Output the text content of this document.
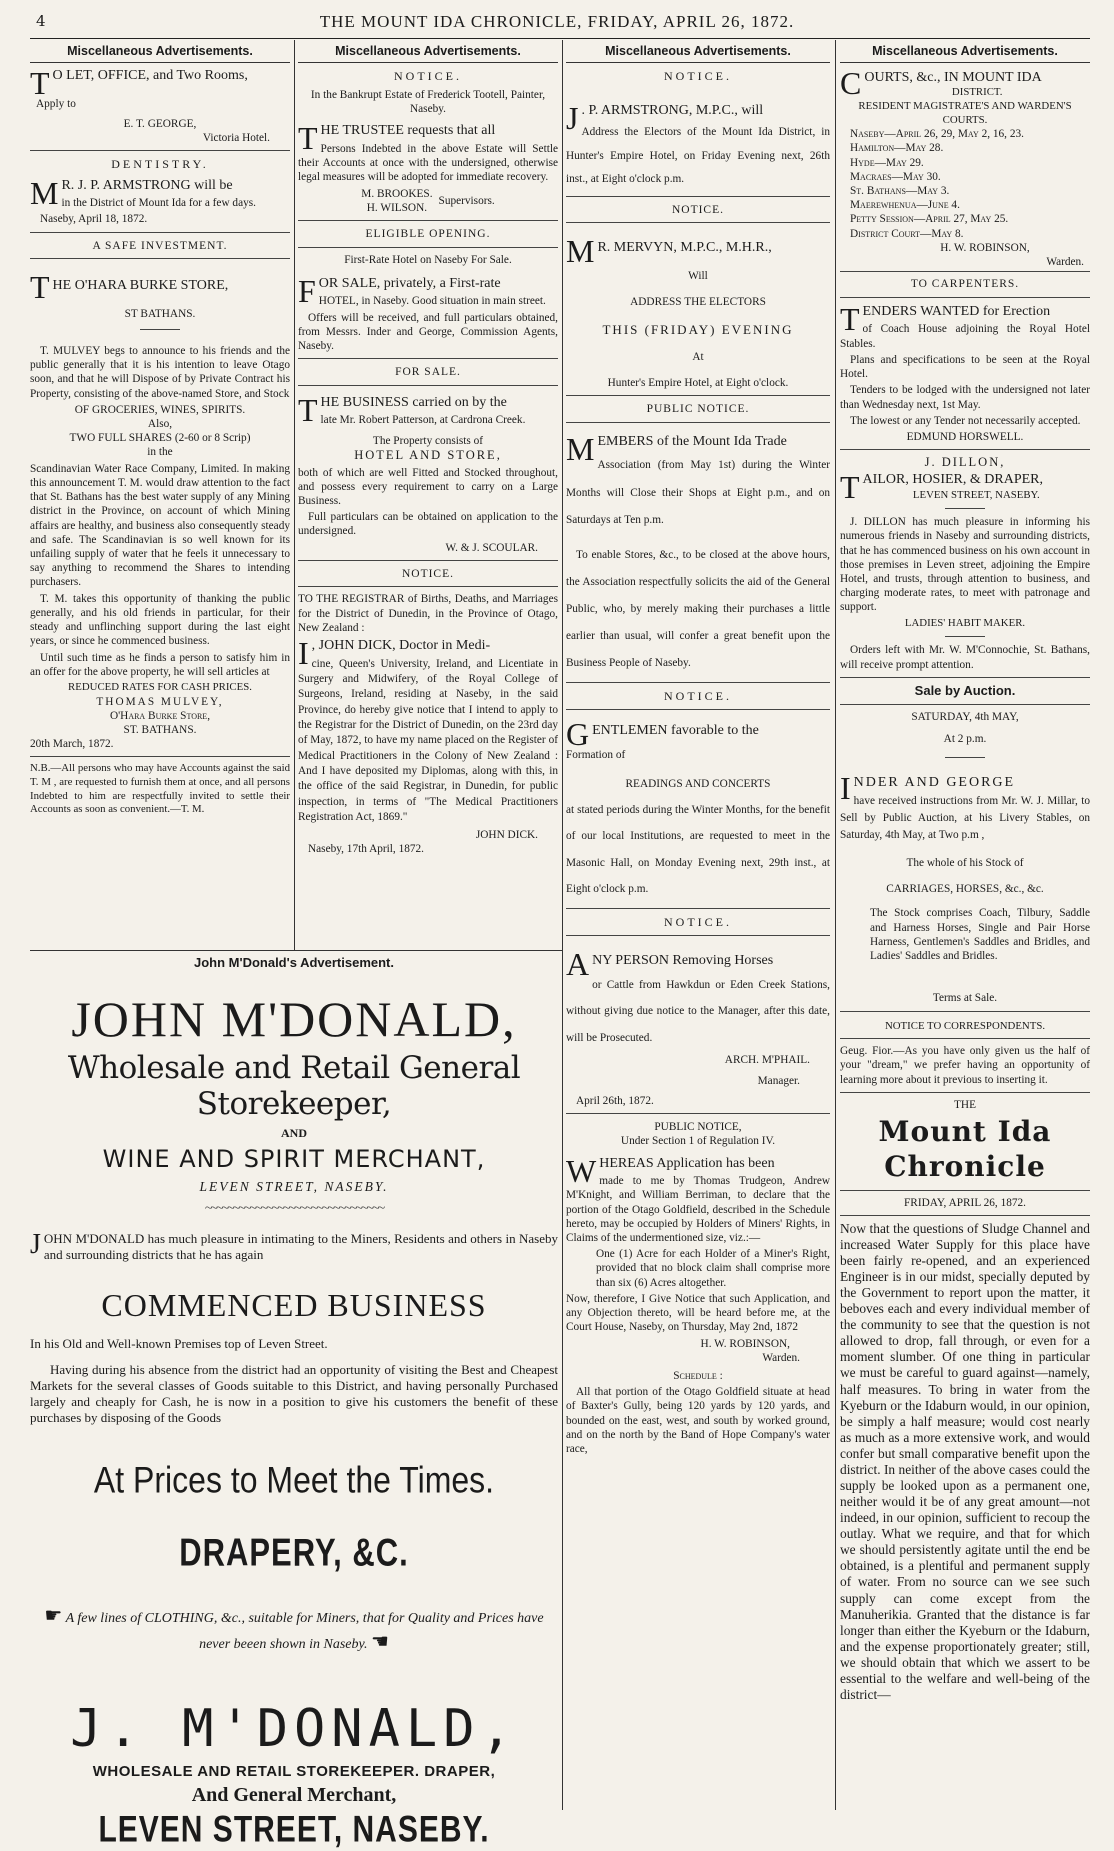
4	THE MOUNT IDA CHRONICLE, FRIDAY, APRIL 26, 1872.
Miscellaneous Advertisements.
T O LET, OFFICE, and Two Rooms,
Apply to
E. T. GEORGE,
Victoria Hotel.
DENTISTRY.
M R. J. P. ARMSTRONG will be
in the District of Mount Ida for a few days.
Naseby, April 18, 1872.
A SAFE INVESTMENT.
T HE O'HARA BURKE STORE,
ST BATHANS.
T. MULVEY begs to announce to his friends and the public generally that it is his intention to leave Otago soon, and that he will Dispose of by Private Contract his Property, consisting of the above-named Store, and Stock
OF GROCERIES, WINES, SPIRITS.
Also,
TWO FULL SHARES (2-60 or 8 Scrip)
in the
Scandinavian Water Race Company, Limited. In making this announcement T. M. would draw attention to the fact that St. Bathans has the best water supply of any Mining district in the Province, on account of which Mining affairs are healthy, and business also consequently steady and safe. The Scandinavian is so well known for its unfailing supply of water that he feels it unnecessary to say anything to recommend the Shares to intending purchasers.
T. M. takes this opportunity of thanking the public generally, and his old friends in particular, for their steady and unflinching support during the last eight years, or since he commenced business.
Until such time as he finds a person to satisfy him in an offer for the above property, he will sell articles at
REDUCED RATES FOR CASH PRICES.
THOMAS MULVEY,
O'Hara Burke Store,
ST. BATHANS.
20th March, 1872.
N.B.—All persons who may have Accounts against the said T. M , are requested to furnish them at once, and all persons Indebted to him are respectfully invited to settle their Accounts as soon as convenient.—T. M.
Miscellaneous Advertisements.
NOTICE.
In the Bankrupt Estate of Frederick Tootell, Painter, Naseby.
T HE TRUSTEE requests that all
Persons Indebted in the above Estate will Settle their Accounts at once with the undersigned, otherwise legal measures will be adopted for immediate recovery.
M. BROOKES.
H. WILSON.
Supervisors.
ELIGIBLE OPENING.
First-Rate Hotel on Naseby For Sale.
F OR SALE, privately, a First-rate
HOTEL, in Naseby. Good situation in main street.
Offers will be received, and full particulars obtained, from Messrs. Inder and George, Commission Agents, Naseby.
FOR SALE.
T HE BUSINESS carried on by the
late Mr. Robert Patterson, at Cardrona Creek.
The Property consists of
HOTEL AND STORE,
both of which are well Fitted and Stocked throughout, and possess every requirement to carry on a Large Business.
Full particulars can be obtained on application to the undersigned.
W. & J. SCOULAR.
NOTICE.
TO THE REGISTRAR of Births, Deaths, and Marriages for the District of Dunedin, in the Province of Otago, New Zealand :
I , JOHN DICK, Doctor in Medi-
cine, Queen's University, Ireland, and Licentiate in Surgery and Midwifery, of the Royal College of Surgeons, Ireland, residing at Naseby, in the said Province, do hereby give notice that I intend to apply to the Registrar for the District of Dunedin, on the 23rd day of May, 1872, to have my name placed on the Register of Medical Practitioners in the Colony of New Zealand : And I have deposited my Diplomas, along with this, in the office of the said Registrar, in Dunedin, for public inspection, in terms of "The Medical Practitioners Registration Act, 1869."
JOHN DICK.
Naseby, 17th April, 1872.
Miscellaneous Advertisements.
NOTICE.
J . P. ARMSTRONG, M.P.C., will
Address the Electors of the Mount Ida District, in Hunter's Empire Hotel, on Friday Evening next, 26th inst., at Eight o'clock p.m.
NOTICE.
M R. MERVYN, M.P.C., M.H.R.,
Will
ADDRESS THE ELECTORS
THIS (FRIDAY) EVENING
At
Hunter's Empire Hotel, at Eight o'clock.
PUBLIC NOTICE.
M EMBERS of the Mount Ida Trade
Association (from May 1st) during the Winter Months will Close their Shops at Eight p.m., and on Saturdays at Ten p.m.
To enable Stores, &c., to be closed at the above hours, the Association respectfully solicits the aid of the General Public, who, by merely making their purchases a little earlier than usual, will confer a great benefit upon the Business People of Naseby.
NOTICE.
G ENTLEMEN favorable to the
Formation of
READINGS AND CONCERTS
at stated periods during the Winter Months, for the benefit of our local Institutions, are requested to meet in the Masonic Hall, on Monday Evening next, 29th inst., at Eight o'clock p.m.
NOTICE.
A NY PERSON Removing Horses
or Cattle from Hawkdun or Eden Creek Stations, without giving due notice to the Manager, after this date, will be Prosecuted.
ARCH. M'PHAIL.
Manager.
April 26th, 1872.
PUBLIC NOTICE,
Under Section 1 of Regulation IV.
W HEREAS Application has been
made to me by Thomas Trudgeon, Andrew M'Knight, and William Berriman, to declare that the portion of the Otago Goldfield, described in the Schedule hereto, may be occupied by Holders of Miners' Rights, in Claims of the undermentioned size, viz.:—
One (1) Acre for each Holder of a Miner's Right, provided that no block claim shall comprise more than six (6) Acres altogether.
Now, therefore, I Give Notice that such Application, and any Objection thereto, will be heard before me, at the Court House, Naseby, on Thursday, May 2nd, 1872
H. W. ROBINSON,
Warden.
Schedule :
All that portion of the Otago Goldfield situate at head of Baxter's Gully, being 120 yards by 120 yards, and bounded on the east, west, and south by worked ground, and on the north by the Band of Hope Company's water race,
Miscellaneous Advertisements.
C OURTS, &c., IN MOUNT IDA
DISTRICT.
RESIDENT MAGISTRATE'S AND WARDEN'S COURTS.
Naseby—April 26, 29, May 2, 16, 23.
Hamilton—May 28.
Hyde—May 29.
Macraes—May 30.
St. Bathans—May 3.
Maerewhenua—June 4.
Petty Session—April 27, May 25.
District Court—May 8.
H. W. ROBINSON,
Warden.
TO CARPENTERS.
T ENDERS WANTED for Erection
of Coach House adjoining the Royal Hotel Stables.
Plans and specifications to be seen at the Royal Hotel.
Tenders to be lodged with the undersigned not later than Wednesday next, 1st May.
The lowest or any Tender not necessarily accepted.
EDMUND HORSWELL.
J. DILLON,
T AILOR, HOSIER, & DRAPER,
LEVEN STREET, NASEBY.
J. DILLON has much pleasure in informing his numerous friends in Naseby and surrounding districts, that he has commenced business on his own account in those premises in Leven street, adjoining the Empire Hotel, and trusts, through attention to business, and charging moderate rates, to meet with patronage and support.
LADIES' HABIT MAKER.
Orders left with Mr. W. M'Connochie, St. Bathans, will receive prompt attention.
Sale by Auction.
SATURDAY, 4th MAY,
At 2 p.m.
I NDER AND GEORGE
have received instructions from Mr. W. J. Millar, to Sell by Public Auction, at his Livery Stables, on Saturday, 4th May, at Two p.m ,
The whole of his Stock of
CARRIAGES, HORSES, &c., &c.
The Stock comprises Coach, Tilbury, Saddle and Harness Horses, Single and Pair Horse Harness, Gentlemen's Saddles and Bridles, and Ladies' Saddles and Bridles.
Terms at Sale.
NOTICE TO CORRESPONDENTS.
Geug. Fior.—As you have only given us the half of your "dream," we prefer having an opportunity of learning more about it previous to inserting it.
THE
Mount Ida Chronicle
FRIDAY, APRIL 26, 1872.
Now that the questions of Sludge Channel and increased Water Supply for this place have been fairly re-opened, and an experienced Engineer is in our midst, specially deputed by the Government to report upon the matter, it beboves each and every individual member of the community to see that the question is not allowed to drop, fall through, or even for a moment slumber. Of one thing in particular we must be careful to guard against—namely, half measures. To bring in water from the Kyeburn or the Idaburn would, in our opinion, be simply a half measure; would cost nearly as much as a more extensive work, and would confer but small comparative benefit upon the district. In neither of the above cases could the supply be looked upon as a permanent one, neither would it be of any great amount—not indeed, in our opinion, sufficient to recoup the outlay. What we require, and that for which we should persistently agitate until the end be obtained, is a plentiful and permanent supply of water. From no source can we see such supply can come except from the Manuherikia. Granted that the distance is far longer than either the Kyeburn or the Idaburn, and the expense proportionately greater; still, we should obtain that which we assert to be essential to the welfare and well-being of the district—
John M'Donald's Advertisement.
JOHN M'DONALD,
Wholesale and Retail General Storekeeper,
AND
WINE AND SPIRIT MERCHANT,
LEVEN STREET, NASEBY.
~~~~~~~~~~~~~~~~~~~~~~~~~~~~~~~~
JOHN M'DONALD has much pleasure in intimating to the Miners, Residents and others in Naseby and surrounding districts that he has again
COMMENCED BUSINESS
In his Old and Well-known Premises top of Leven Street.
Having during his absence from the district had an opportunity of visiting the Best and Cheapest Markets for the several classes of Goods suitable to this District, and having personally Purchased largely and cheaply for Cash, he is now in a position to give his customers the benefit of these purchases by disposing of the Goods
At Prices to Meet the Times.
DRAPERY, &C.
☛ A few lines of CLOTHING, &c., suitable for Miners, that for Quality and Prices have never beeen shown in Naseby. ☚
J. M'DONALD,
WHOLESALE AND RETAIL STOREKEEPER. DRAPER,
And General Merchant,
LEVEN STREET, NASEBY.
